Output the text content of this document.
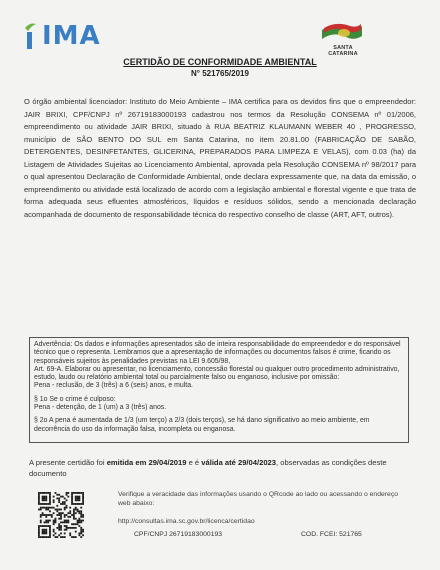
IMA	SANTA CATARINA
CERTIDÃO DE CONFORMIDADE AMBIENTAL
N° 521765/2019
O órgão ambiental licenciador: Instituto do Meio Ambiente – IMA certifica para os devidos fins que o empreendedor: JAIR BRIXI, CPF/CNPJ nº 26719183000193 cadastrou nos termos da Resolução CONSEMA nº 01/2006, empreendimento ou atividade JAIR BRIXI, situado à RUA BEATRIZ KLAUMANN WEBER 40 , PROGRESSO, município de SÃO BENTO DO SUL em Santa Catarina, no item 20.81.00 (FABRICAÇÃO DE SABÃO, DETERGENTES, DESINFETANTES, GLICERINA, PREPARADOS PARA LIMPEZA E VELAS), com 0.03 (ha) da Listagem de Atividades Sujeitas ao Licenciamento Ambiental, aprovada pela Resolução CONSEMA nº 98/2017 para o qual apresentou Declaração de Conformidade Ambiental, onde declara expressamente que, na data da emissão, o empreendimento ou atividade está localizado de acordo com a legislação ambiental e florestal vigente e que trata de forma adequada seus efluentes atmosféricos, líquidos e resíduos sólidos, sendo a mencionada declaração acompanhada de documento de responsabilidade técnica do respectivo conselho de classe (ART, AFT, outros).

Advertência: Os dados e informações apresentados são de inteira responsabilidade do empreendedor e do responsável técnico que o representa. Lembramos que a apresentação de informações ou documentos falsos é crime, ficando os responsáveis sujeitos às penalidades previstas na LEI 9.605/98,

Art. 69-A. Elaborar ou apresentar, no licenciamento, concessão florestal ou qualquer outro procedimento administrativo, estudo, laudo ou relatório ambiental total ou parcialmente falso ou enganoso, inclusive por omissão:

Pena - reclusão, de 3 (três) a 6 (seis) anos, e multa.

§ 1o Se o crime é culposo:

Pena - detenção, de 1 (um) a 3 (três) anos.

§ 2o A pena é aumentada de 1/3 (um terço) a 2/3 (dois terços), se há dano significativo ao meio ambiente, em decorrência do uso da informação falsa, incompleta ou enganosa.

A presente certidão foi emitida em 29/04/2019 e é válida até 29/04/2023, observadas as condições deste documento
Verifique a veracidade das informações usando o QRcode ao lado ou acessando o endereço web abaixo:
http://consultas.ima.sc.gov.br/licenca/certidao
CPF/CNPJ 26719183000193	COD. FCEI: 521765
